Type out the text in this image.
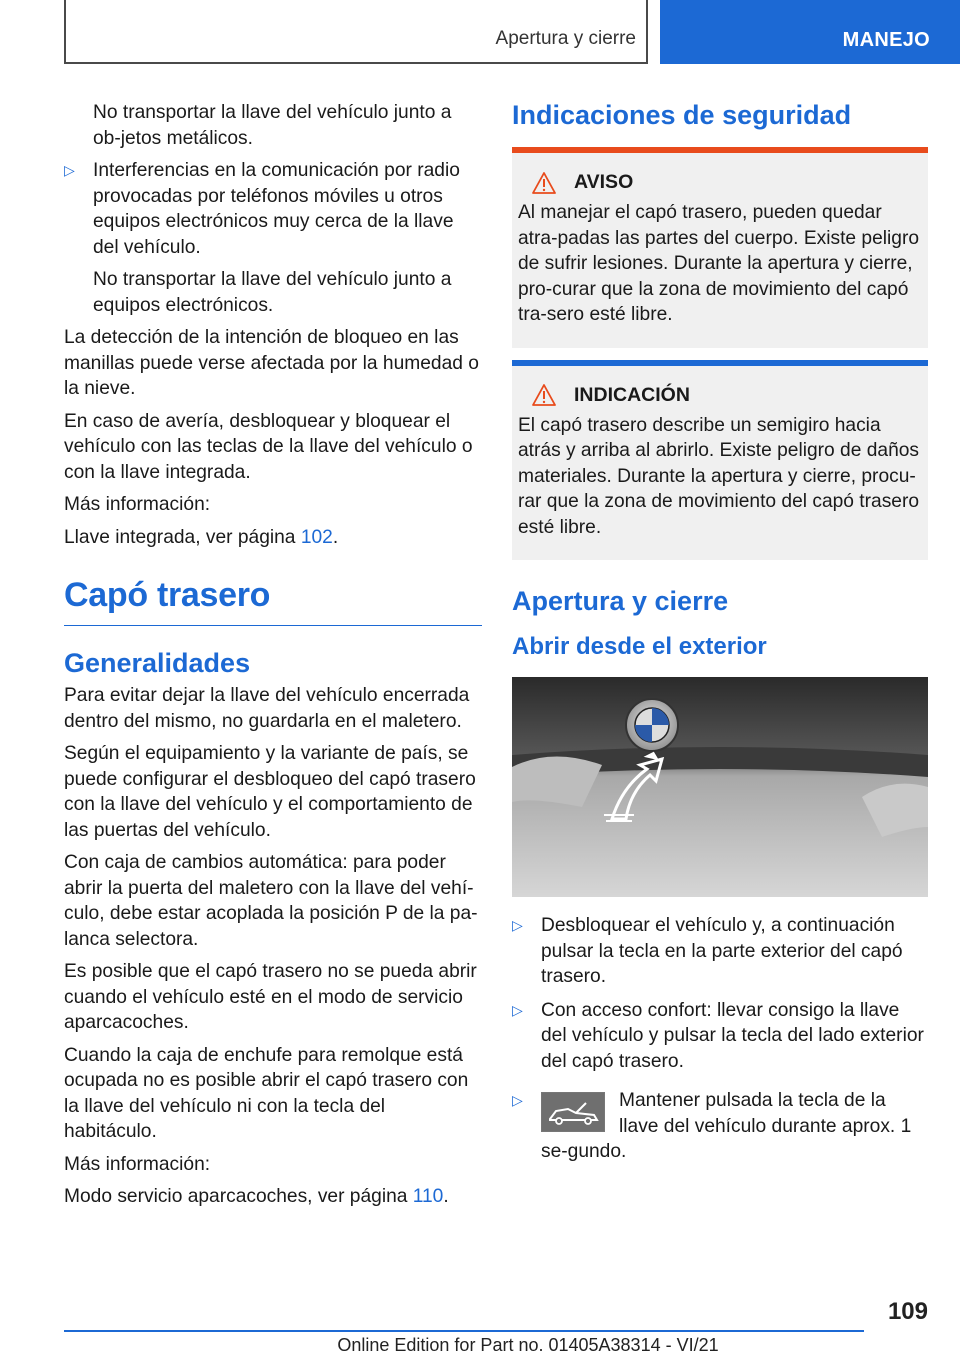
Apertura y cierre	MANEJO

No transportar la llave del vehículo junto a ob‐jetos metálicos.

▷ Interferencias en la comunicación por radio provocadas por teléfonos móviles u otros equipos electrónicos muy cerca de la llave del vehículo.

No transportar la llave del vehículo junto a equipos electrónicos.

La detección de la intención de bloqueo en las manillas puede verse afectada por la humedad o la nieve.

En caso de avería, desbloquear y bloquear el vehículo con las teclas de la llave del vehículo o con la llave integrada.

Más información:

Llave integrada, ver página 102.

Capó trasero
Generalidades

Para evitar dejar la llave del vehículo encerrada dentro del mismo, no guardarla en el maletero.

Según el equipamiento y la variante de país, se puede configurar el desbloqueo del capó trasero con la llave del vehículo y el comportamiento de las puertas del vehículo.

Con caja de cambios automática: para poder abrir la puerta del maletero con la llave del vehí‐culo, debe estar acoplada la posición P de la pa‐lanca selectora.

Es posible que el capó trasero no se pueda abrir cuando el vehículo esté en el modo de servicio aparcacoches.

Cuando la caja de enchufe para remolque está ocupada no es posible abrir el capó trasero con la llave del vehículo ni con la tecla del habitáculo.

Más información:

Modo servicio aparcacoches, ver página 110.

Indicaciones de seguridad
AVISO

Al manejar el capó trasero, pueden quedar atra‐padas las partes del cuerpo. Existe peligro de sufrir lesiones. Durante la apertura y cierre, pro‐curar que la zona de movimiento del capó tra‐sero esté libre.

INDICACIÓN

El capó trasero describe un semigiro hacia atrás y arriba al abrirlo. Existe peligro de daños materiales. Durante la apertura y cierre, procu‐rar que la zona de movimiento del capó trasero esté libre.

Apertura y cierre
Abrir desde el exterior
▷ Desbloquear el vehículo y, a continuación pulsar la tecla en la parte exterior del capó trasero.
▷ Con acceso confort: llevar consigo la llave del vehículo y pulsar la tecla del lado exterior del capó trasero.
▷	Mantener pulsada la tecla de la llave del vehículo durante aprox. 1 se‐gundo.
109
Online Edition for Part no. 01405A38314 - VI/21
